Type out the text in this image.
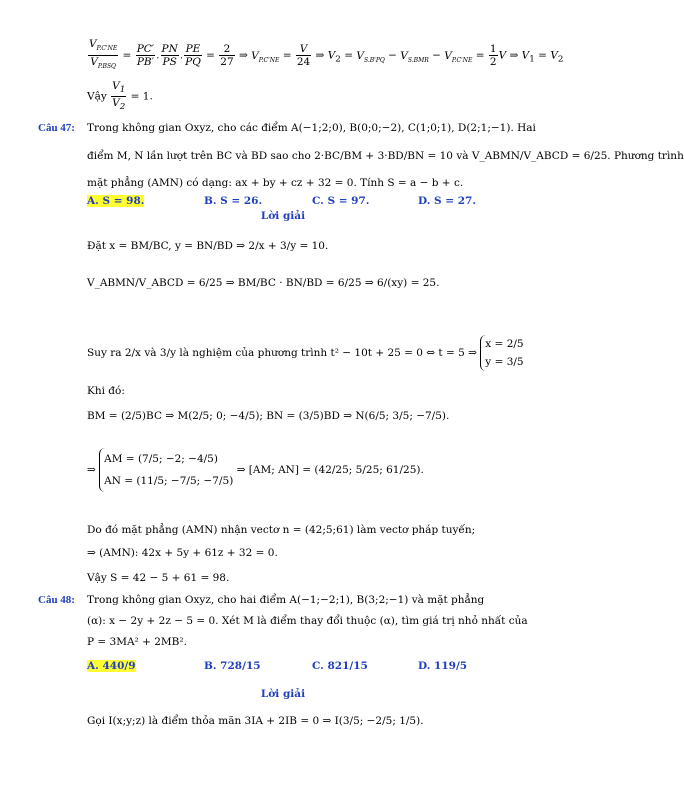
$\frac{V_{P.C'NE}}{V_{P.BSQ}} = \frac{PC'}{PB'}$ . $\frac{PN}{PS}$ . $\frac{PE}{PQ} = \frac{2}{27}$ ⇒ $V_{P.C'NE} = \frac{V}{24}$ ⇒ $V_2 = V_{S.B'PQ} - V_{S.BMR} - V_{P.C'NE} = \frac{1}{2}$ V ⇒ $V_1 = V_2$
Vậy $\frac{V_1}{V_2} = 1$.
Câu 47: Trong không gian Oxyz, cho các điểm A(−1;2;0), B(0;0;−2), C(1;0;1), D(2;1;−1). Hai
điểm M, N lần lượt trên BC và BD sao cho 2·BC/BM + 3·BD/BN = 10 và V_ABMN/V_ABCD = 6/25. Phương trình
mặt phẳng (AMN) có dạng: ax + by + cz + 32 = 0. Tính S = a − b + c.
A. S = 98.	B. S = 26.	C. S = 97.	D. S = 27.
Lời giải
Đặt x = BM/BC, y = BN/BD ⇒ 2/x + 3/y = 10.
V_ABMN/V_ABCD = 6/25 ⇒ BM/BC · BN/BD = 6/25 ⇒ 6/(xy) = 25.
Suy ra 2/x và 3/y là nghiệm của phương trình t² − 10t + 25 = 0 ⇔ t = 5 ⇒
x = 2/5
y = 3/5
Khi đó:
BM = (2/5)BC ⇒ M(2/5; 0; −4/5); BN = (3/5)BD ⇒ N(6/5; 3/5; −7/5).
⇒
AM = (7/5; −2; −4/5)
AN = (11/5; −7/5; −7/5)
⇒ [AM; AN] = (42/25; 5/25; 61/25).
Do đó mặt phẳng (AMN) nhận vectơ n = (42;5;61) làm vectơ pháp tuyến;
⇒ (AMN): 42x + 5y + 61z + 32 = 0.
Vậy S = 42 − 5 + 61 = 98.
Câu 48: Trong không gian Oxyz, cho hai điểm A(−1;−2;1), B(3;2;−1) và mặt phẳng
(α): x − 2y + 2z − 5 = 0. Xét M là điểm thay đổi thuộc (α), tìm giá trị nhỏ nhất của
P = 3MA² + 2MB².
A. 440/9	B. 728/15	C. 821/15	D. 119/5
Lời giải
Gọi I(x;y;z) là điểm thỏa mãn 3IA + 2IB = 0 ⇒ I(3/5; −2/5; 1/5).
